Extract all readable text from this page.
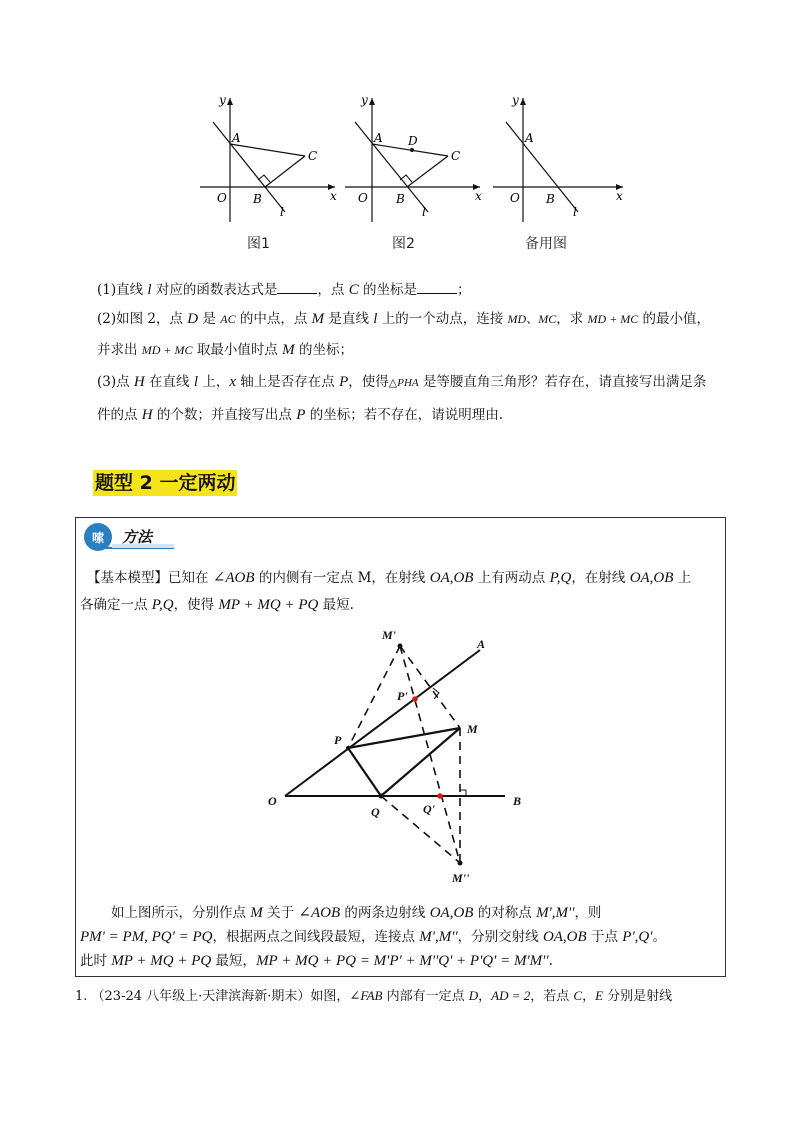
y
x
O
A
B
C
l
图1
y
x
O
A D
B
C
l
图2
y
x
O
A
B
l
备用图
(1)直线 l 对应的函数表达式是	，点 C 的坐标是	；
(2)如图 2，点 D 是 AC 的中点，点 M 是直线 l 上的一个动点，连接 MD、MC，求 MD + MC 的最小值，
并求出 MD + MC 取最小值时点 M 的坐标；
(3)点 H 在直线 l 上，x 轴上是否存在点 P，使得△PHA 是等腰直角三角形？若存在，请直接写出满足条
件的点 H 的个数；并直接写出点 P 的坐标；若不存在，请说明理由.
题型 2 一定两动
嗦 方法
【基本模型】已知在 ∠AOB 的内侧有一定点 M，在射线 OA,OB 上有两动点 P,Q，在射线 OA,OB 上
各确定一点 P,Q，使得 MP + MQ + PQ 最短.
M'
A
P'
M
P
O
Q	Q'
B
M''
如上图所示，分别作点 M 关于 ∠AOB 的两条边射线 OA,OB 的对称点 M',M''，则
PM' = PM, PQ' = PQ，根据两点之间线段最短，连接点 M',M''，分别交射线 OA,OB 于点 P',Q'。
此时 MP + MQ + PQ 最短，MP + MQ + PQ = M'P' + M''Q' + P'Q' = M'M''.
1. （23-24 八年级上·天津滨海新·期末）如图，∠FAB 内部有一定点 D，AD = 2，若点 C，E 分别是射线
